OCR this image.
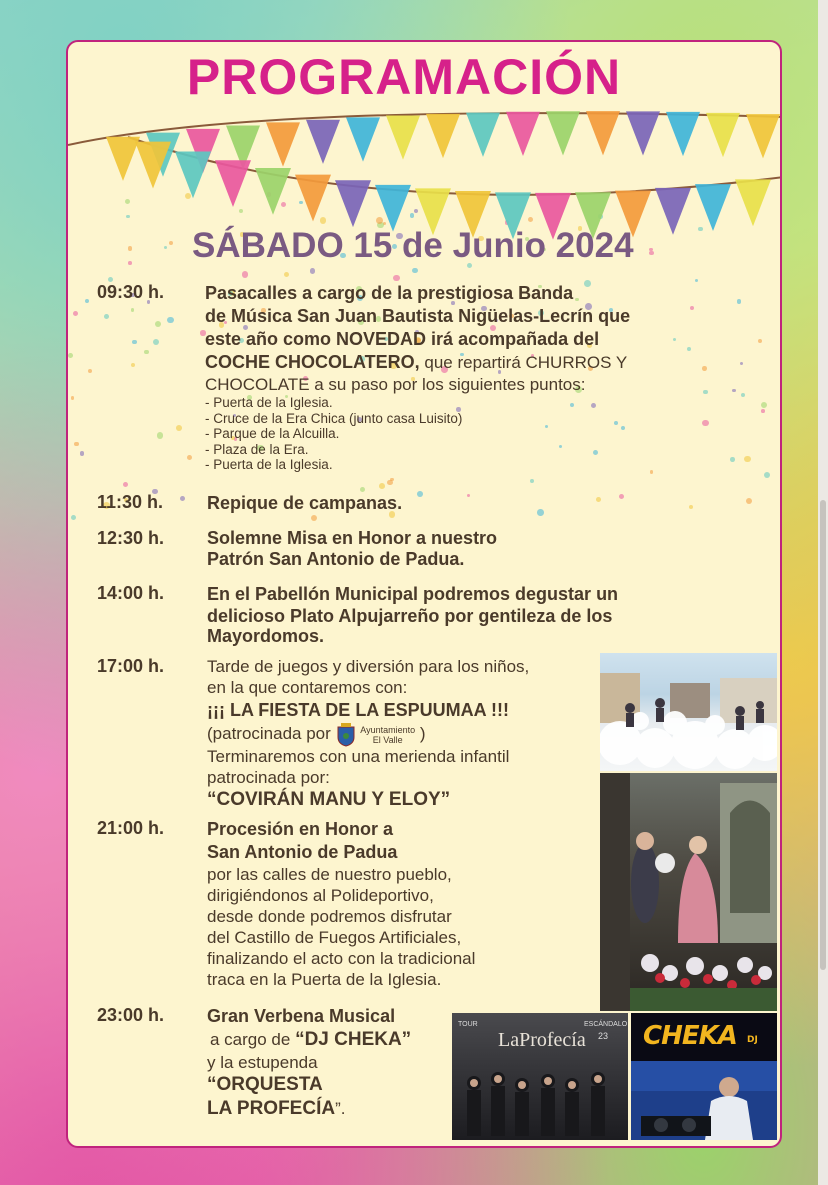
PROGRAMACIÓN
SÁBADO 15 de Junio 2024
09:30 h. Pasacalles a cargo de la prestigiosa Banda
de Música San Juan Bautista Nigüelas-Lecrín que
este año como NOVEDAD irá acompañada del
COCHE CHOCOLATERO, que repartirá CHURROS Y
CHOCOLATE a su paso por los siguientes puntos:
- Puerta de la Iglesia.
- Cruce de la Era Chica (junto casa Luisito)
- Parque de la Alcuilla.
- Plaza de la Era.
- Puerta de la Iglesia.
11:30 h. Repique de campanas.
12:30 h. Solemne Misa en Honor a nuestro
Patrón San Antonio de Padua.
14:00 h. En el Pabellón Municipal podremos degustar un
delicioso Plato Alpujarreño por gentileza de los
Mayordomos.
17:00 h.	Tarde de juegos y diversión para los niños,
en la que contaremos con:
¡¡¡ LA FIESTA DE LA ESPUUMAA !!!
(patrocinada por	Ayuntamiento
El Valle	)
Terminaremos con una merienda infantil
patrocinada por:
“COVIRÁN MANU Y ELOY”
21:00 h. Procesión en Honor a
San Antonio de Padua
por las calles de nuestro pueblo,
dirigiéndonos al Polideportivo,
desde donde podremos disfrutar
del Castillo de Fuegos Artificiales,
finalizando el acto con la tradicional
traca en la Puerta de la Iglesia.
23:00 h. Gran Verbena Musical
a cargo de “DJ CHEKA”
y la estupenda
“ORQUESTA
LA PROFECÍA”.
TOUR
LaProfecía
ESCÁNDALO
23 CHEKA DJ
